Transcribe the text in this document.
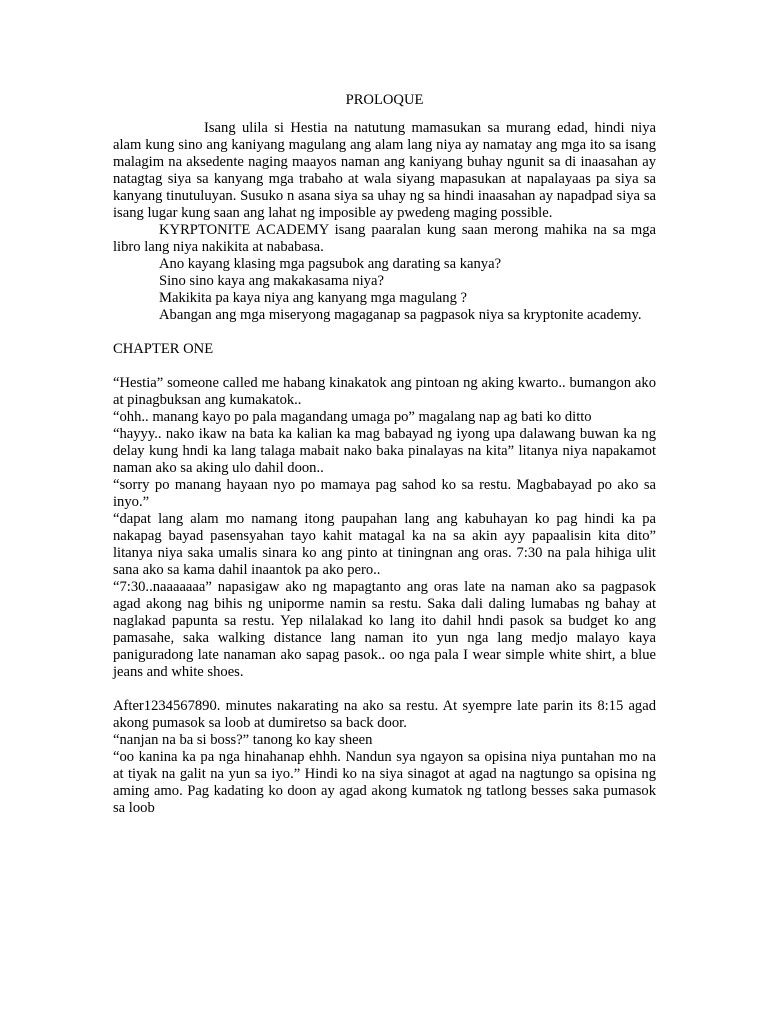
PROLOQUE

Isang ulila si Hestia na natutung mamasukan sa murang edad, hindi niya alam kung sino ang kaniyang magulang ang alam lang niya ay namatay ang mga ito sa isang malagim na aksedente naging maayos naman ang kaniyang buhay ngunit sa di inaasahan ay natagtag siya sa kanyang mga trabaho at wala siyang mapasukan at napalayaas pa siya sa kanyang tinutuluyan. Susuko n asana siya sa uhay ng sa hindi inaasahan ay napadpad siya sa isang lugar kung saan ang lahat ng imposible ay pwedeng maging possible.

KYRPTONITE ACADEMY isang paaralan kung saan merong mahika na sa mga libro lang niya nakikita at nababasa.

Ano kayang klasing mga pagsubok ang darating sa kanya?

Sino sino kaya ang makakasama niya?

Makikita pa kaya niya ang kanyang mga magulang ?

Abangan ang mga miseryong magaganap sa pagpasok niya sa kryptonite academy.

CHAPTER ONE

“Hestia” someone called me habang kinakatok ang pintoan ng aking kwarto.. bumangon ako at pinagbuksan ang kumakatok..

“ohh.. manang kayo po pala magandang umaga po” magalang nap ag bati ko ditto

“hayyy.. nako ikaw na bata ka kalian ka mag babayad ng iyong upa dalawang buwan ka ng delay kung hndi ka lang talaga mabait nako baka pinalayas na kita” litanya niya napakamot naman ako sa aking ulo dahil doon..

“sorry po manang hayaan nyo po mamaya pag sahod ko sa restu. Magbabayad po ako sa inyo.”

“dapat lang alam mo namang itong paupahan lang ang kabuhayan ko pag hindi ka pa nakapag bayad pasensyahan tayo kahit matagal ka na sa akin ayy papaalisin kita dito” litanya niya saka umalis sinara ko ang pinto at tiningnan ang oras. 7:30 na pala hihiga ulit sana ako sa kama dahil inaantok pa ako pero..

“7:30..naaaaaaa” napasigaw ako ng mapagtanto ang oras late na naman ako sa pagpasok agad akong nag bihis ng uniporme namin sa restu. Saka dali daling lumabas ng bahay at naglakad papunta sa restu. Yep nilalakad ko lang ito dahil hndi pasok sa budget ko ang pamasahe, saka walking distance lang naman ito yun nga lang medjo malayo kaya paniguradong late nanaman ako sapag pasok.. oo nga pala I wear simple white shirt, a blue jeans and white shoes.

After1234567890. minutes nakarating na ako sa restu. At syempre late parin its 8:15 agad akong pumasok sa loob at dumiretso sa back door.

“nanjan na ba si boss?” tanong ko kay sheen

“oo kanina ka pa nga hinahanap ehhh. Nandun sya ngayon sa opisina niya puntahan mo na at tiyak na galit na yun sa iyo.” Hindi ko na siya sinagot at agad na nagtungo sa opisina ng aming amo. Pag kadating ko doon ay agad akong kumatok ng tatlong besses saka pumasok sa loob
